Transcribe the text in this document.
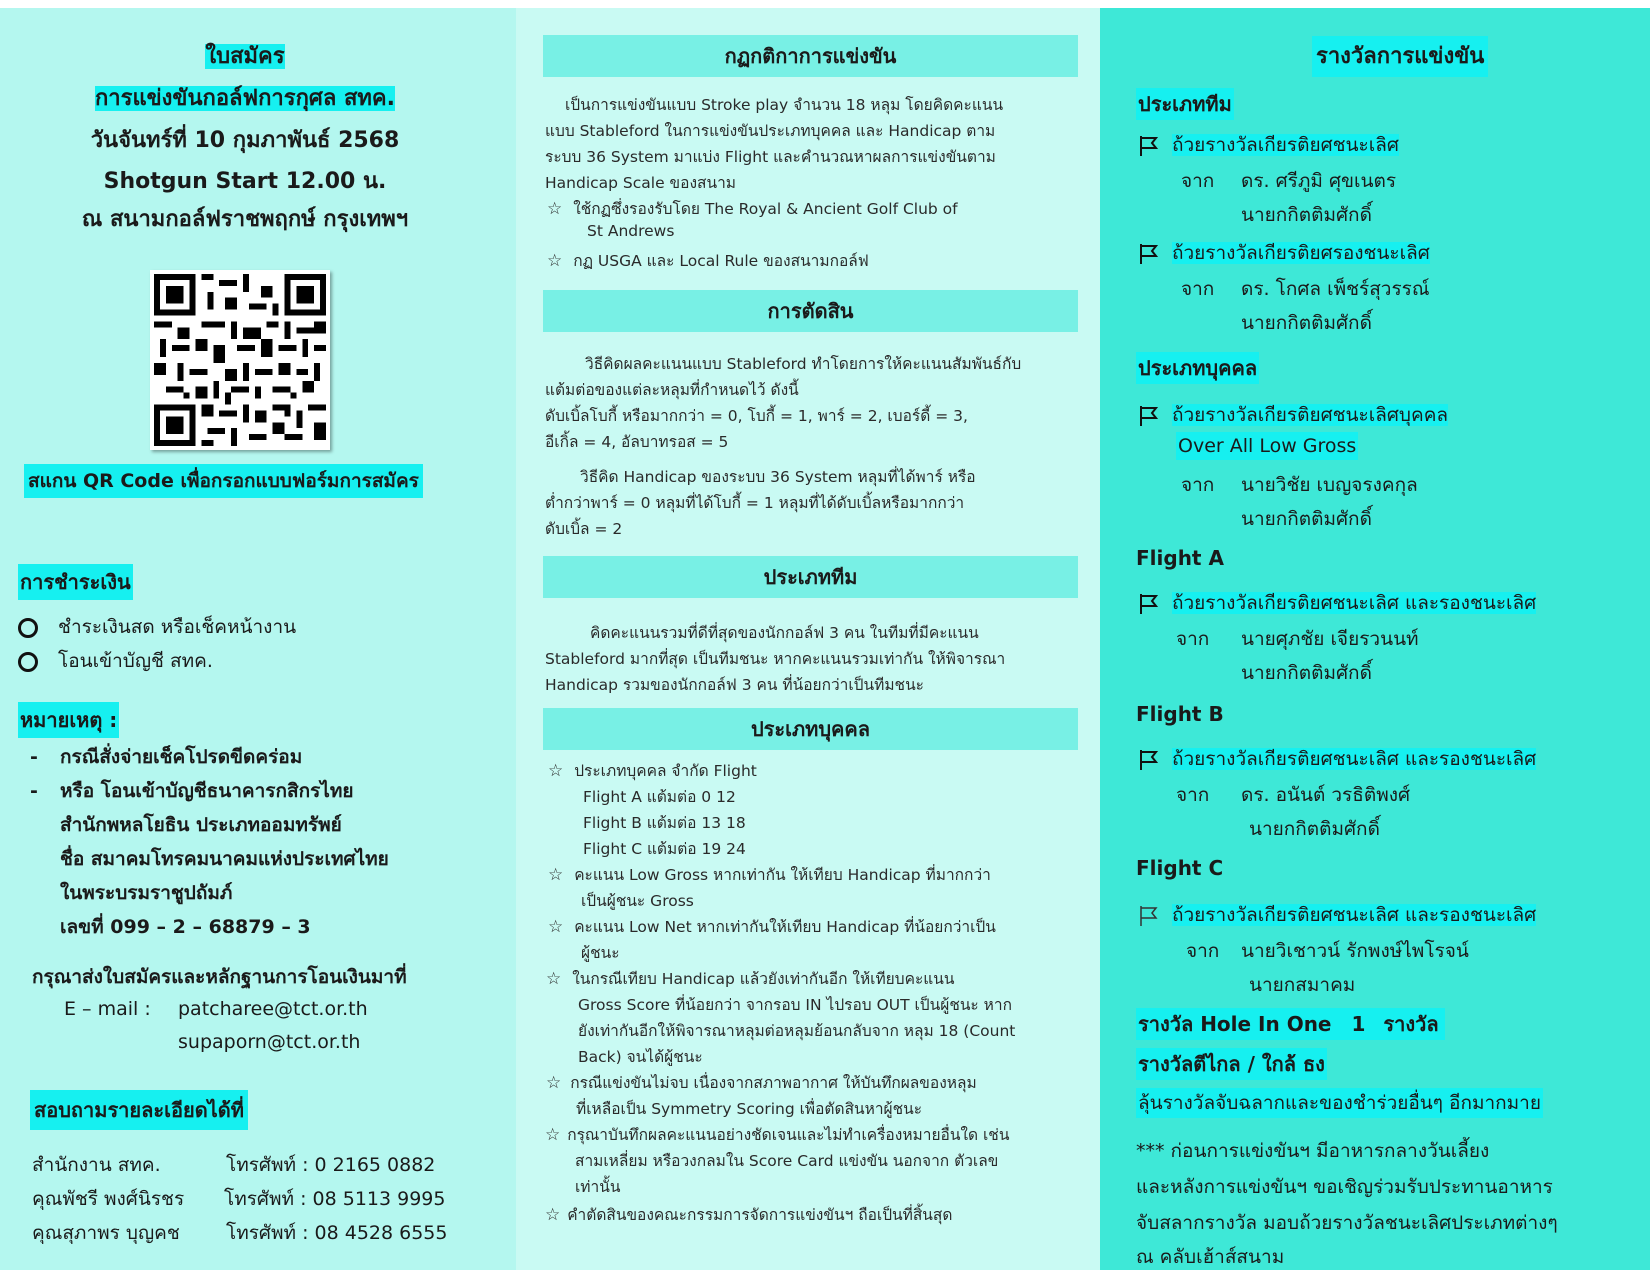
ใบสมัคร
การแข่งขันกอล์ฟการกุศล สทค.
วันจันทร์ที่ 10 กุมภาพันธ์ 2568
Shotgun Start 12.00 น.
ณ สนามกอล์ฟราชพฤกษ์ กรุงเทพฯ
สแกน QR Code เพื่อกรอกแบบฟอร์มการสมัคร
การชำระเงิน
ชำระเงินสด หรือเช็คหน้างาน
โอนเข้าบัญชี สทค.
หมายเหตุ :
- กรณีสั่งจ่ายเช็คโปรดขีดคร่อม
- หรือ โอนเข้าบัญชีธนาคารกสิกรไทย
สำนักพหลโยธิน ประเภทออมทรัพย์
ชื่อ สมาคมโทรคมนาคมแห่งประเทศไทย
ในพระบรมราชูปถัมภ์
เลขที่ 099 – 2 – 68879 – 3
กรุณาส่งใบสมัครและหลักฐานการโอนเงินมาที่
E – mail : patcharee@tct.or.th
supaporn@tct.or.th
สอบถามรายละเอียดได้ที่
สำนักงาน สทค.	โทรศัพท์ : 0 2165 0882
คุณพัชรี พงศ์นิรชร โทรศัพท์ : 08 5113 9995
คุณสุภาพร บุญคช โทรศัพท์ : 08 4528 6555
กฏกติกาการแข่งขัน
เป็นการแข่งขันแบบ Stroke play จำนวน 18 หลุม โดยคิดคะแนน
แบบ Stableford ในการแข่งขันประเภทบุคคล และ Handicap ตาม
ระบบ 36 System มาแบ่ง Flight และคำนวณหาผลการแข่งขันตาม
Handicap Scale ของสนาม
☆ ใช้กฏซึ่งรองรับโดย The Royal & Ancient Golf Club of
St Andrews
☆ กฏ USGA และ Local Rule ของสนามกอล์ฟ
การตัดสิน
วิธีคิดผลคะแนนแบบ Stableford ทำโดยการให้คะแนนสัมพันธ์กับ
แต้มต่อของแต่ละหลุมที่กำหนดไว้ ดังนี้
ดับเบิ้ลโบกี้ หรือมากกว่า = 0, โบกี้ = 1, พาร์ = 2, เบอร์ดี้ = 3,
อีเกิ้ล = 4, อัลบาทรอส = 5
วิธีคิด Handicap ของระบบ 36 System หลุมที่ได้พาร์ หรือ
ต่ำกว่าพาร์ = 0 หลุมที่ได้โบกี้ = 1 หลุมที่ได้ดับเบิ้ลหรือมากกว่า
ดับเบิ้ล = 2
ประเภททีม
คิดคะแนนรวมที่ดีที่สุดของนักกอล์ฟ 3 คน ในทีมที่มีคะแนน
Stableford มากที่สุด เป็นทีมชนะ หากคะแนนรวมเท่ากัน ให้พิจารณา
Handicap รวมของนักกอล์ฟ 3 คน ที่น้อยกว่าเป็นทีมชนะ
ประเภทบุคคล
☆ ประเภทบุคคล จำกัด Flight
Flight A แต้มต่อ 0 12
Flight B แต้มต่อ 13 18
Flight C แต้มต่อ 19 24
☆ คะแนน Low Gross หากเท่ากัน ให้เทียบ Handicap ที่มากกว่า
เป็นผู้ชนะ Gross
☆ คะแนน Low Net หากเท่ากันให้เทียบ Handicap ที่น้อยกว่าเป็น
ผู้ชนะ
☆ ในกรณีเทียบ Handicap แล้วยังเท่ากันอีก ให้เทียบคะแนน
Gross Score ที่น้อยกว่า จากรอบ IN ไปรอบ OUT เป็นผู้ชนะ หาก
ยังเท่ากันอีกให้พิจารณาหลุมต่อหลุมย้อนกลับจาก หลุม 18 (Count
Back) จนได้ผู้ชนะ
☆ กรณีแข่งขันไม่จบ เนื่องจากสภาพอากาศ ให้บันทึกผลของหลุม
ที่เหลือเป็น Symmetry Scoring เพื่อตัดสินหาผู้ชนะ
☆ กรุณาบันทึกผลคะแนนอย่างชัดเจนและไม่ทำเครื่องหมายอื่นใด เช่น
สามเหลี่ยม หรือวงกลมใน Score Card แข่งขัน นอกจาก ตัวเลข
เท่านั้น
☆ คำตัดสินของคณะกรรมการจัดการแข่งขันฯ ถือเป็นที่สิ้นสุด
รางวัลการแข่งขัน
ประเภททีม
ถ้วยรางวัลเกียรติยศชนะเลิศ
จาก ดร. ศรีภูมิ ศุขเนตร
นายกกิตติมศักดิ์
ถ้วยรางวัลเกียรติยศรองชนะเลิศ
จาก ดร. โกศล เพ็ชร์สุวรรณ์
นายกกิตติมศักดิ์
ประเภทบุคคล
ถ้วยรางวัลเกียรติยศชนะเลิศบุคคล
Over All Low Gross
จาก นายวิชัย เบญจรงคกุล
นายกกิตติมศักดิ์
Flight A
ถ้วยรางวัลเกียรติยศชนะเลิศ และรองชนะเลิศ
จาก นายศุภชัย เจียรวนนท์
นายกกิตติมศักดิ์
Flight B
ถ้วยรางวัลเกียรติยศชนะเลิศ และรองชนะเลิศ
จาก ดร. อนันต์ วรธิติพงศ์
นายกกิตติมศักดิ์
Flight C
ถ้วยรางวัลเกียรติยศชนะเลิศ และรองชนะเลิศ
จาก นายวิเชาวน์ รักพงษ์ไพโรจน์
นายกสมาคม
รางวัล Hole In One 1 รางวัล
รางวัลตีไกล / ใกล้ ธง
ลุ้นรางวัลจับฉลากและของชำร่วยอื่นๆ อีกมากมาย
*** ก่อนการแข่งขันฯ มีอาหารกลางวันเลี้ยง
และหลังการแข่งขันฯ ขอเชิญร่วมรับประทานอาหาร
จับสลากรางวัล มอบถ้วยรางวัลชนะเลิศประเภทต่างๆ
ณ คลับเฮ้าส์สนาม
